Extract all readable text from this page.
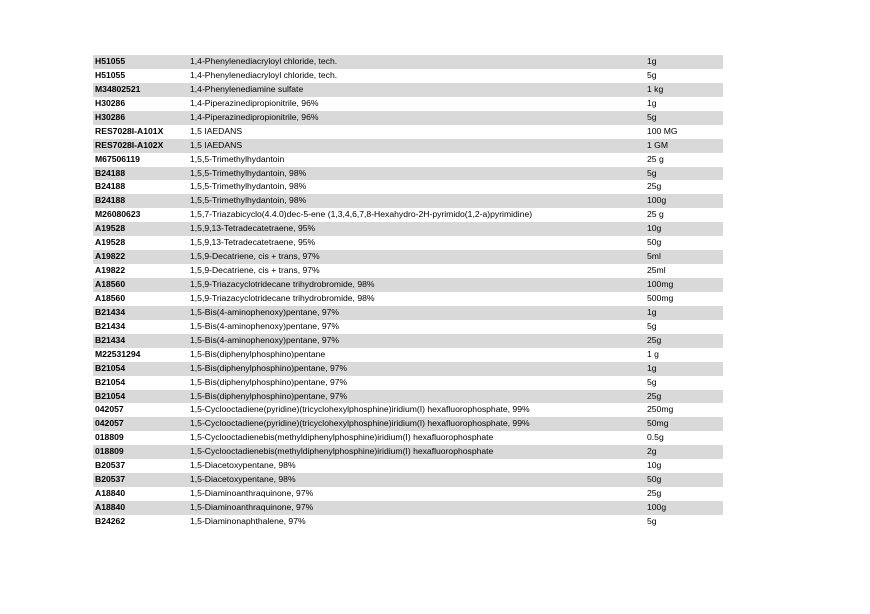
H51055	1,4-Phenylenediacryloyl chloride, tech.	1g
H51055	1,4-Phenylenediacryloyl chloride, tech.	5g
M34802521	1,4-Phenylenediamine sulfate	1 kg
H30286	1,4-Piperazinedipropionitrile, 96%	1g
H30286	1,4-Piperazinedipropionitrile, 96%	5g
RES7028I-A101X	1,5 IAEDANS	100 MG
RES7028I-A102X	1,5 IAEDANS	1 GM
M67506119	1,5,5-Trimethylhydantoin	25 g
B24188	1,5,5-Trimethylhydantoin, 98%	5g
B24188	1,5,5-Trimethylhydantoin, 98%	25g
B24188	1,5,5-Trimethylhydantoin, 98%	100g
M26080623	1,5,7-Triazabicyclo(4.4.0)dec-5-ene (1,3,4,6,7,8-Hexahydro-2H-pyrimido(1,2-a)pyrimidine)	25 g
A19528	1,5,9,13-Tetradecatetraene, 95%	10g
A19528	1,5,9,13-Tetradecatetraene, 95%	50g
A19822	1,5,9-Decatriene, cis + trans, 97%	5ml
A19822	1,5,9-Decatriene, cis + trans, 97%	25ml
A18560	1,5,9-Triazacyclotridecane trihydrobromide, 98%	100mg
A18560	1,5,9-Triazacyclotridecane trihydrobromide, 98%	500mg
B21434	1,5-Bis(4-aminophenoxy)pentane, 97%	1g
B21434	1,5-Bis(4-aminophenoxy)pentane, 97%	5g
B21434	1,5-Bis(4-aminophenoxy)pentane, 97%	25g
M22531294	1,5-Bis(diphenylphosphino)pentane	1 g
B21054	1,5-Bis(diphenylphosphino)pentane, 97%	1g
B21054	1,5-Bis(diphenylphosphino)pentane, 97%	5g
B21054	1,5-Bis(diphenylphosphino)pentane, 97%	25g
042057	1,5-Cyclooctadiene(pyridine)(tricyclohexylphosphine)iridium(I) hexafluorophosphate, 99%	250mg
042057	1,5-Cyclooctadiene(pyridine)(tricyclohexylphosphine)iridium(I) hexafluorophosphate, 99%	50mg
018809	1,5-Cyclooctadienebis(methyldiphenylphosphine)iridium(I) hexafluorophosphate	0.5g
018809	1,5-Cyclooctadienebis(methyldiphenylphosphine)iridium(I) hexafluorophosphate	2g
B20537	1,5-Diacetoxypentane, 98%	10g
B20537	1,5-Diacetoxypentane, 98%	50g
A18840	1,5-Diaminoanthraquinone, 97%	25g
A18840	1,5-Diaminoanthraquinone, 97%	100g
B24262	1,5-Diaminonaphthalene, 97%	5g
